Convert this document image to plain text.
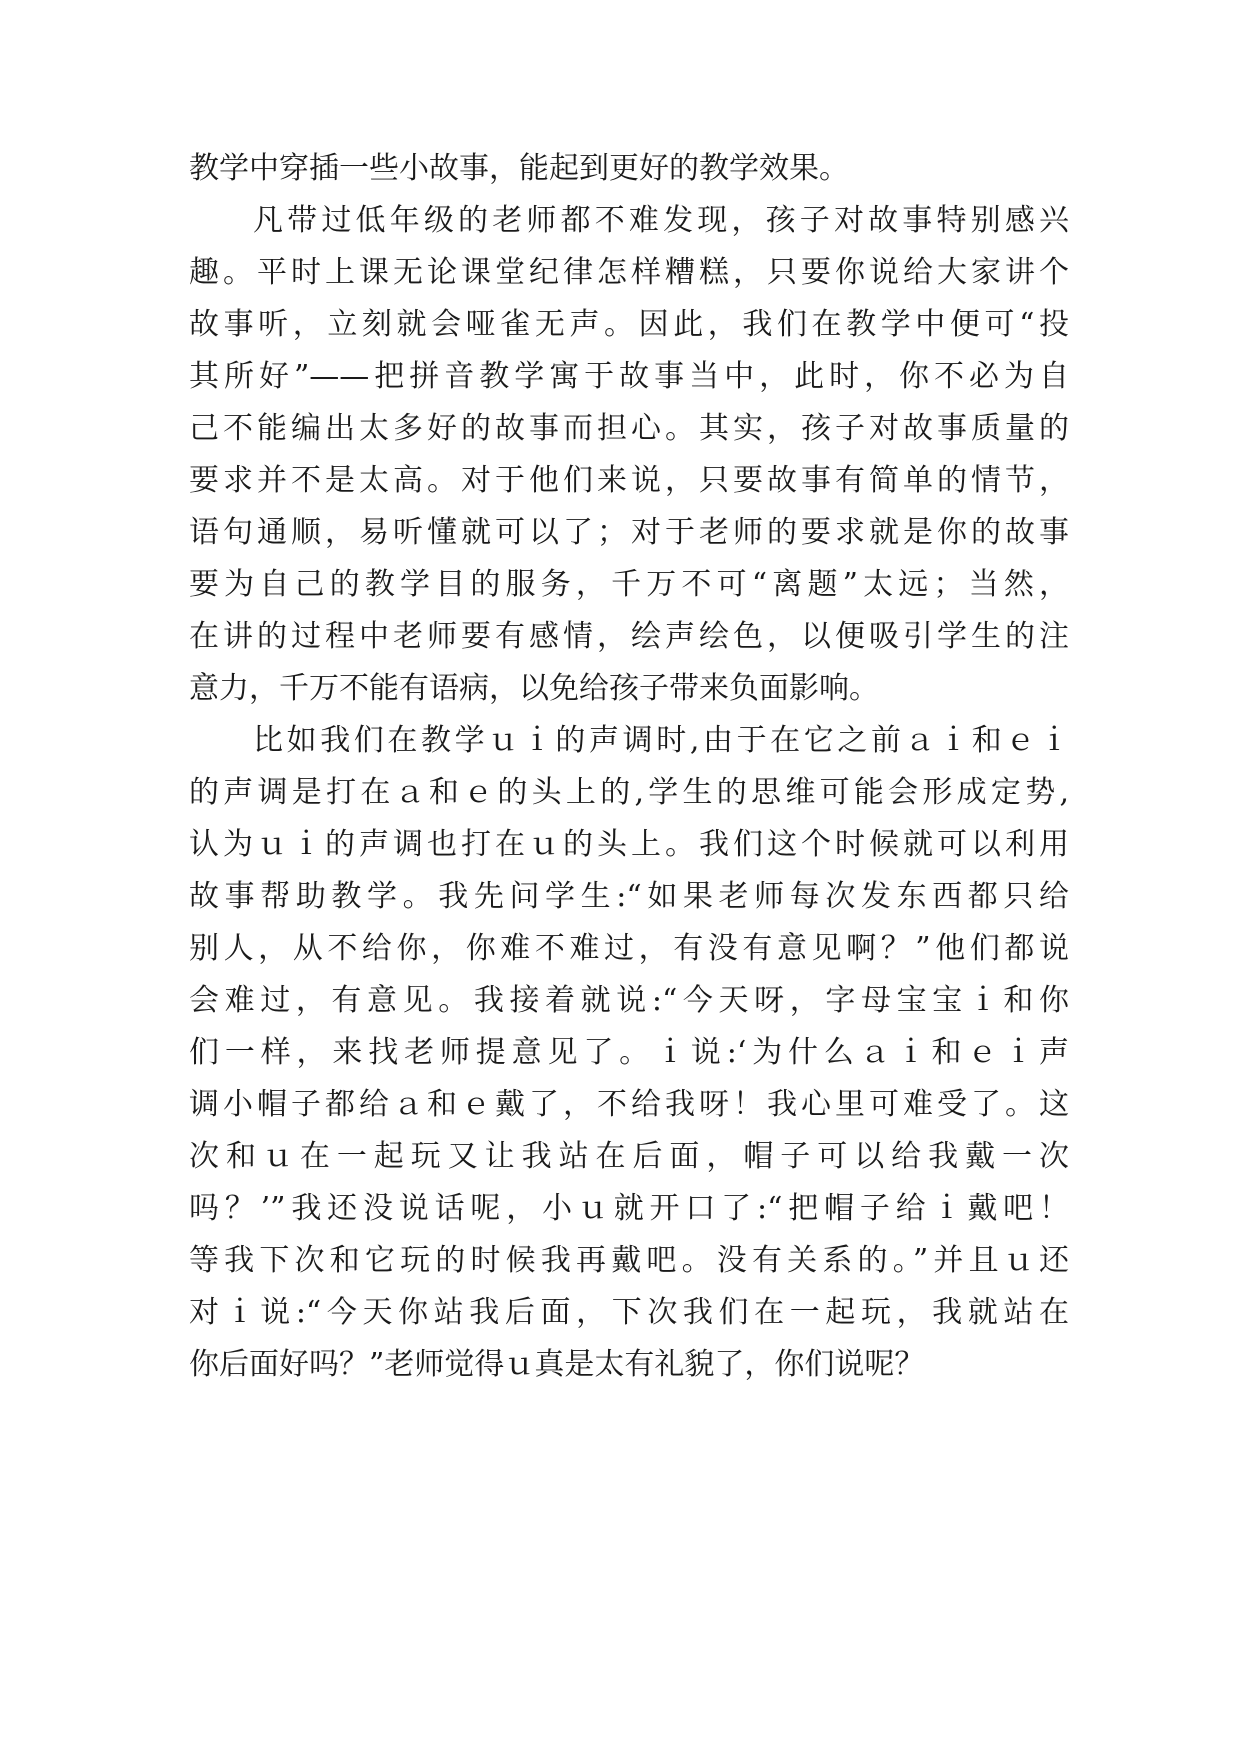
教学中穿插一些小故事，能起到更好的教学效果。
凡带过低年级的老师都不难发现，孩子对故事特别感兴
趣。平时上课无论课堂纪律怎样糟糕，只要你说给大家讲个
故事听，立刻就会哑雀无声。因此，我们在教学中便可“投
其所好”——把拼音教学寓于故事当中，此时，你不必为自
己不能编出太多好的故事而担心。其实，孩子对故事质量的
要求并不是太高。对于他们来说，只要故事有简单的情节，
语句通顺，易听懂就可以了；对于老师的要求就是你的故事
要为自己的教学目的服务，千万不可“离题”太远；当然，
在讲的过程中老师要有感情，绘声绘色，以便吸引学生的注
意力，千万不能有语病，以免给孩子带来负面影响。
比如我们在教学ｕｉ的声调时,由于在它之前ａｉ和ｅｉ
的声调是打在ａ和ｅ的头上的,学生的思维可能会形成定势,
认为ｕｉ的声调也打在ｕ的头上。我们这个时候就可以利用
故事帮助教学。我先问学生:“如果老师每次发东西都只给
别人，从不给你，你难不难过，有没有意见啊？”他们都说
会难过，有意见。我接着就说:“今天呀，字母宝宝ｉ和你
们一样，来找老师提意见了。ｉ说:‘为什么ａｉ和ｅｉ声
调小帽子都给ａ和ｅ戴了，不给我呀！我心里可难受了。这
次和ｕ在一起玩又让我站在后面，帽子可以给我戴一次
吗？’”我还没说话呢，小ｕ就开口了:“把帽子给ｉ戴吧！
等我下次和它玩的时候我再戴吧。没有关系的。”并且ｕ还
对ｉ说:“今天你站我后面，下次我们在一起玩，我就站在
你后面好吗？”老师觉得ｕ真是太有礼貌了，你们说呢？
